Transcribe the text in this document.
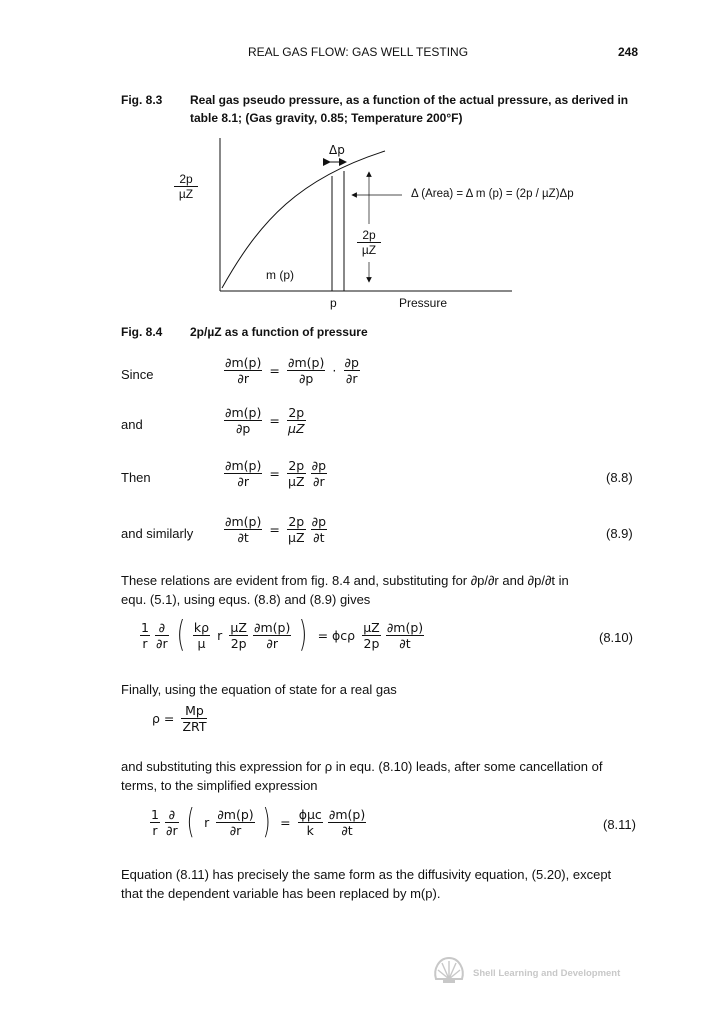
REAL GAS FLOW: GAS WELL TESTING	248
Fig. 8.3 Real gas pseudo pressure, as a function of the actual pressure, as derived in
table 8.1; (Gas gravity, 0.85; Temperature 200°F)
2p
µZ
Δp
Δ (Area) = Δ m (p) = (2p / µZ)Δp
2p
µZ
m (p)
p	Pressure
Fig. 8.4 2p/µZ as a function of pressure
Since	$\frac{\partial m(p)}{\partial r} = \frac{\partial m(p)}{\partial p} \cdot \frac{\partial p}{\partial r}$
and	$\frac{\partial m(p)}{\partial p} = \frac{2p}{\text{µZ}}$
Then	$\frac{\partial m(p)}{\partial r} = \frac{2p}{\text{µZ}}$
$\frac{\partial p}{\partial r}$	(8.8)
and similarly $\frac{\partial m(p)}{\partial t} = \frac{2p}{\text{µZ}}$
$\frac{\partial p}{\partial t}$	(8.9)
These relations are evident from fig. 8.4 and, substituting for ∂p/∂r and ∂p/∂t in
equ. (5.1), using equs. (8.8) and (8.9) gives
$\frac{1}{r}$
$\frac{\partial}{\partial r}$ ( $\frac{k\rho}{\text{µ}}$ r $\frac{\text{µZ}}{2p}$
$\frac{\partial m(p)}{\partial r}$ ) = ϕcρ $\frac{\text{µZ}}{2p}$
$\frac{\partial m(p)}{\partial t}$	(8.10)
Finally, using the equation of state for a real gas
$\rho = \frac{Mp}{\text{ZRT}}$
and substituting this expression for ρ in equ. (8.10) leads, after some cancellation of
terms, to the simplified expression
$\frac{1}{r}$
$\frac{\partial}{\partial r}$ ( r $\frac{\partial m(p)}{\partial r}$ ) = $\frac{\text{ϕµc}}{k}$
$\frac{\partial m(p)}{\partial t}$	(8.11)
Equation (8.11) has precisely the same form as the diffusivity equation, (5.20), except
that the dependent variable has been replaced by m(p).
Shell Learning and Development
